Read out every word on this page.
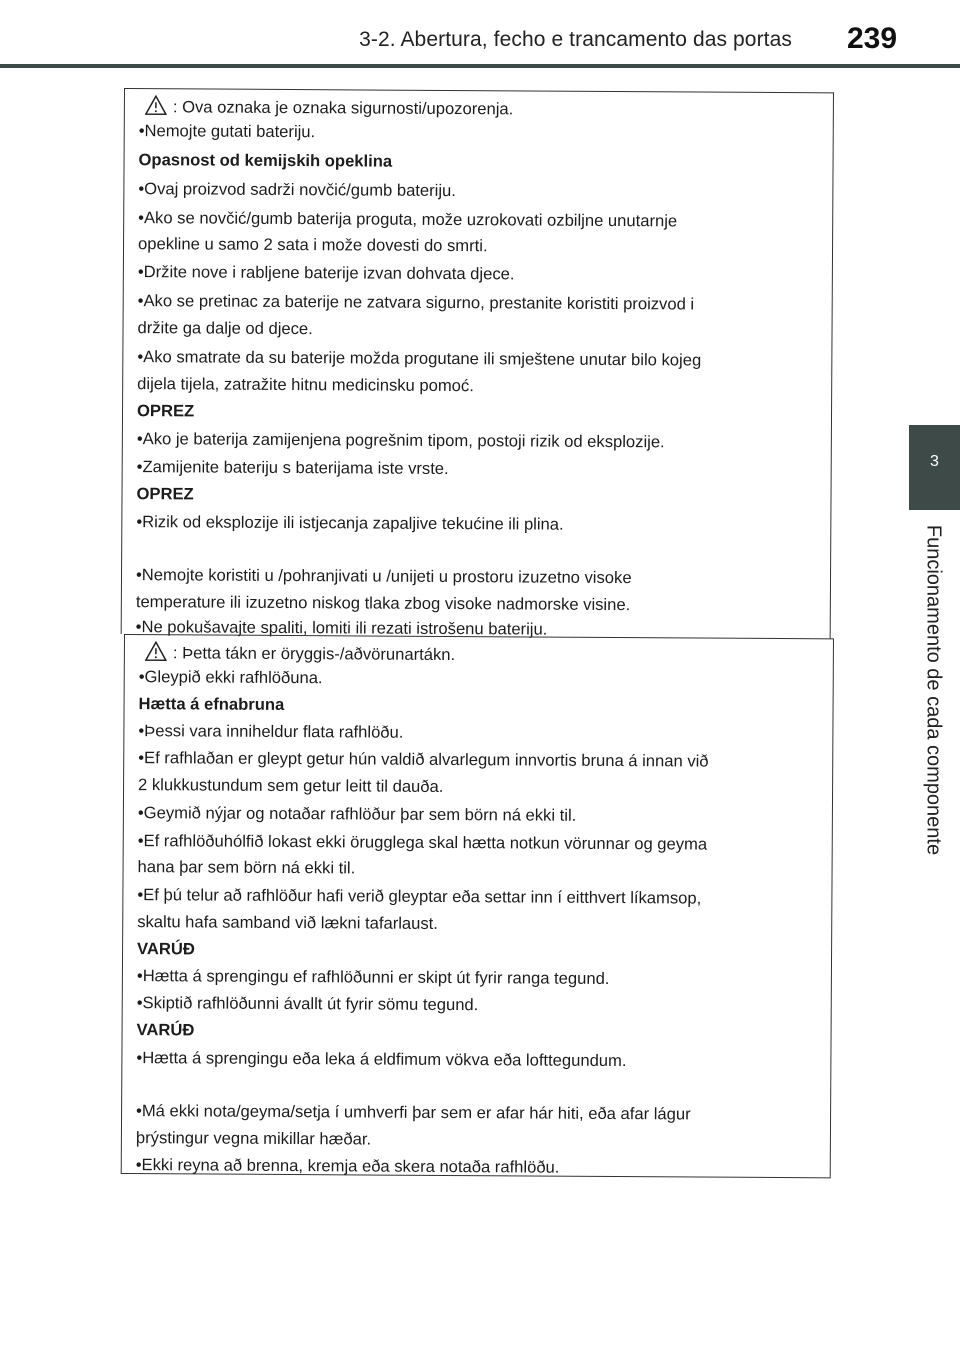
3-2. Abertura, fecho e trancamento das portas	239
3
Funcionamento de cada componente
: Ova oznaka je oznaka sigurnosti/upozorenja.
•Nemojte gutati bateriju.
Opasnost od kemijskih opeklina
•Ovaj proizvod sadrži novčić/gumb bateriju.
•Ako se novčić/gumb baterija proguta, može uzrokovati ozbiljne unutarnje
opekline u samo 2 sata i može dovesti do smrti.
•Držite nove i rabljene baterije izvan dohvata djece.
•Ako se pretinac za baterije ne zatvara sigurno, prestanite koristiti proizvod i
držite ga dalje od djece.
•Ako smatrate da su baterije možda progutane ili smještene unutar bilo kojeg
dijela tijela, zatražite hitnu medicinsku pomoć.
OPREZ
•Ako je baterija zamijenjena pogrešnim tipom, postoji rizik od eksplozije.
•Zamijenite bateriju s baterijama iste vrste.
OPREZ
•Rizik od eksplozije ili istjecanja zapaljive tekućine ili plina.
•Nemojte koristiti u /pohranjivati u /unijeti u prostoru izuzetno visoke
temperature ili izuzetno niskog tlaka zbog visoke nadmorske visine.
•Ne pokušavajte spaliti, lomiti ili rezati istrošenu bateriju.
: Þetta tákn er öryggis-/aðvörunartákn.
•Gleypið ekki rafhlöðuna.
Hætta á efnabruna
•Þessi vara inniheldur flata rafhlöðu.
•Ef rafhlaðan er gleypt getur hún valdið alvarlegum innvortis bruna á innan við
2 klukkustundum sem getur leitt til dauða.
•Geymið nýjar og notaðar rafhlöður þar sem börn ná ekki til.
•Ef rafhlöðuhólfið lokast ekki örugglega skal hætta notkun vörunnar og geyma
hana þar sem börn ná ekki til.
•Ef þú telur að rafhlöður hafi verið gleyptar eða settar inn í eitthvert líkamsop,
skaltu hafa samband við lækni tafarlaust.
VARÚÐ
•Hætta á sprengingu ef rafhlöðunni er skipt út fyrir ranga tegund.
•Skiptið rafhlöðunni ávallt út fyrir sömu tegund.
VARÚÐ
•Hætta á sprengingu eða leka á eldfimum vökva eða lofttegundum.
•Má ekki nota/geyma/setja í umhverfi þar sem er afar hár hiti, eða afar lágur
þrýstingur vegna mikillar hæðar.
•Ekki reyna að brenna, kremja eða skera notaða rafhlöðu.
